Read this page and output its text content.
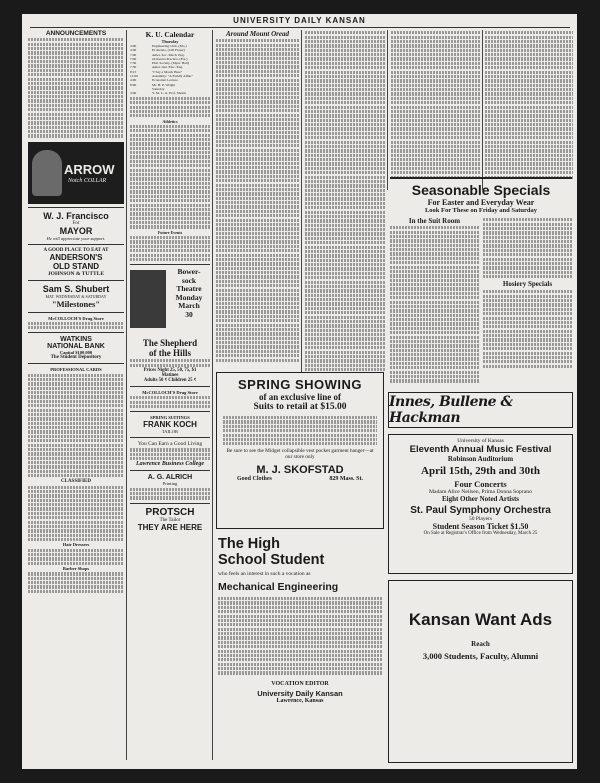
UNIVERSITY DAILY KANSAN
ANNOUNCEMENTS
ARROW
Notch COLLAR
W. J. Francisco
For
MAYOR
He will appreciate your support.
A GOOD PLACE TO EAT AT
ANDERSON'S
OLD STAND
JOHNSON & TUTTLE
Sam S. Shubert
MAT. WEDNESDAY & SATURDAY
"Milestones"
McCOLLOCH'S Drug Store
WATKINS
NATIONAL BANK
Capital $100,000
The Student Depository
PROFESSIONAL CARDS
CLASSIFIED
Hair Dressers
Barber Shops
K. U. Calendar
Thursday
4:00	Engineering Club, (Mo.)
4:00	El Ateneo, (106 Fraser)
7:00	Amer. Soc. Mech. Eng.
7:00	Orchestra Practice. (Fra.)
7:30	Phil. Society. (Myer. Hall)
7:30	Amer. Inst. Elec. Eng.
8:15	"I Say a March Hare"
11:00	Assembly: "A Family Affair"
4:00	Economic Lecture
8:00	Mr. H. P. Wright
Saturday
4:00	Y. M. C. A. Prof. Shrum
Athletics
Future Events
Bower-
sock
Theatre
Monday
March
30
The Shepherd
of the Hills
Prices Night 25, 50, 75, $1
Matinee
Adults 50 ¢ Children 25 ¢
McCOLLOCH'S Drug Store
SPRING SUITINGS
FRANK KOCH
TAILOR
You Can Earn a Good Living
Lawrence Business College
A. G. ALRICH
Printing
PROTSCH
The Tailor
THEY ARE HERE
Around Mount Oread
SPRING SHOWING
of an exclusive line of
Suits to retail at $15.00
Be sure to see the Midget collapsible vest pocket garment hanger—at our store only
M. J. SKOFSTAD
Good Clothes	829 Mass. St.
The High
School Student
who feels an interest in such a vocation as
Mechanical Engineering
VOCATION EDITOR
University Daily Kansan
Lawrence, Kansas
Seasonable Specials
For Easter and Everyday Wear
Look For These on Friday and Saturday
In the Suit Room
Hosiery Specials
Innes, Bullene & Hackman
University of Kansas
Eleventh Annual Music Festival
Robinson Auditorium
April 15th, 29th and 30th
Four Concerts
Madam Alice Neilsen, Prima Donna Soprano
Eight Other Noted Artists
St. Paul Symphony Orchestra
50 Players
Student Season Ticket $1.50
On Sale at Registrar's Office from Wednesday, March 25
Kansan Want Ads
Reach
3,000 Students, Faculty, Alumni
